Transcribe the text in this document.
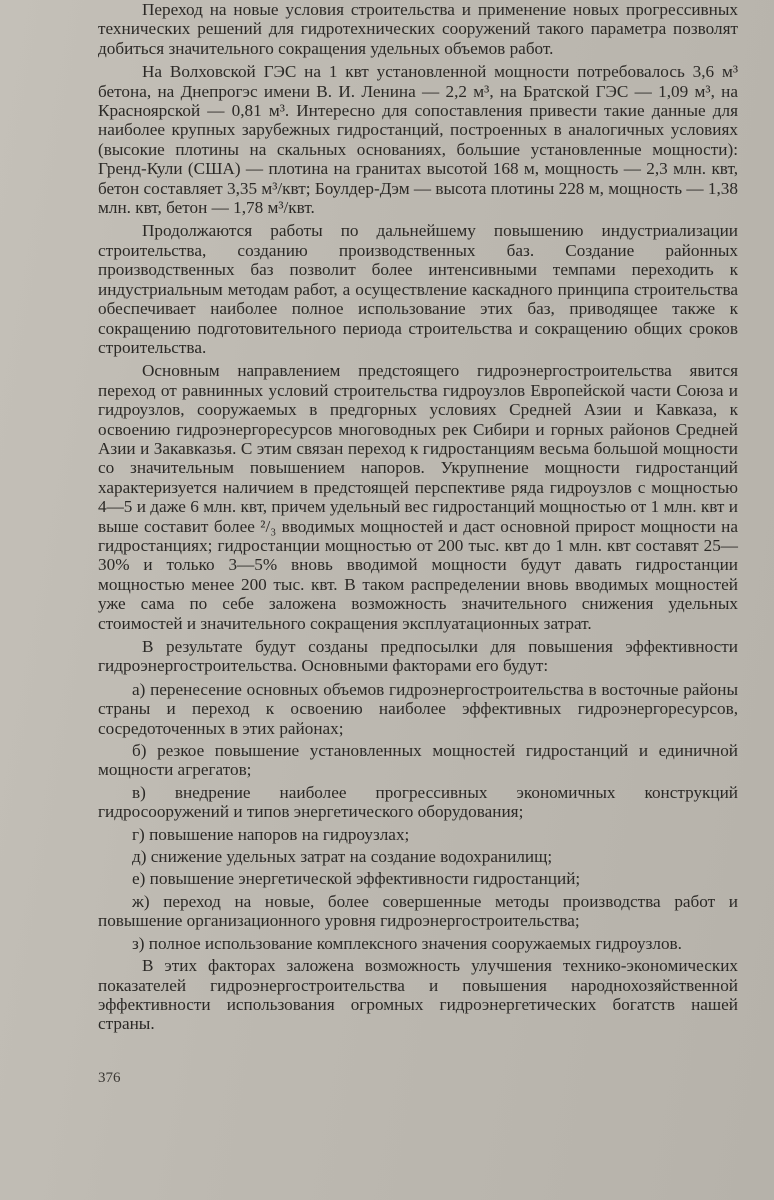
Переход на новые условия строительства и применение новых прогрессивных технических решений для гидротехнических сооружений такого параметра позволят добиться значительного сокращения удельных объемов работ.

На Волховской ГЭС на 1 квт установленной мощности потребовалось 3,6 м³ бетона, на Днепрогэс имени В. И. Ленина — 2,2 м³, на Братской ГЭС — 1,09 м³, на Красноярской — 0,81 м³. Интересно для сопоставления привести такие данные для наиболее крупных зарубежных гидростанций, построенных в аналогичных условиях (высокие плотины на скальных основаниях, большие установленные мощности): Гренд-Кули (США) — плотина на гранитах высотой 168 м, мощность — 2,3 млн. квт, бетон составляет 3,35 м³/квт; Боулдер-Дэм — высота плотины 228 м, мощность — 1,38 млн. квт, бетон — 1,78 м³/квт.

Продолжаются работы по дальнейшему повышению индустриализации строительства, созданию производственных баз. Создание районных производственных баз позволит более интенсивными темпами переходить к индустриальным методам работ, а осуществление каскадного принципа строительства обеспечивает наиболее полное использование этих баз, приводящее также к сокращению подготовительного периода строительства и сокращению общих сроков строительства.

Основным направлением предстоящего гидроэнергостроительства явится переход от равнинных условий строительства гидроузлов Европейской части Союза и гидроузлов, сооружаемых в предгорных условиях Средней Азии и Кавказа, к освоению гидроэнергоресурсов многоводных рек Сибири и горных районов Средней Азии и Закавказья. С этим связан переход к гидростанциям весьма большой мощности со значительным повышением напоров. Укрупнение мощности гидростанций характеризуется наличием в предстоящей перспективе ряда гидроузлов с мощностью 4—5 и даже 6 млн. квт, причем удельный вес гидростанций мощностью от 1 млн. квт и выше составит более ²/₃ вводимых мощностей и даст основной прирост мощности на гидростанциях; гидростанции мощностью от 200 тыс. квт до 1 млн. квт составят 25—30% и только 3—5% вновь вводимой мощности будут давать гидростанции мощностью менее 200 тыс. квт. В таком распределении вновь вводимых мощностей уже сама по себе заложена возможность значительного снижения удельных стоимостей и значительного сокращения эксплуатационных затрат.

В результате будут созданы предпосылки для повышения эффективности гидроэнергостроительства. Основными факторами его будут:

а) перенесение основных объемов гидроэнергостроительства в восточные районы страны и переход к освоению наиболее эффективных гидроэнергоресурсов, сосредоточенных в этих районах;

б) резкое повышение установленных мощностей гидростанций и единичной мощности агрегатов;

в) внедрение наиболее прогрессивных экономичных конструкций гидросооружений и типов энергетического оборудования;

г) повышение напоров на гидроузлах;

д) снижение удельных затрат на создание водохранилищ;

е) повышение энергетической эффективности гидростанций;

ж) переход на новые, более совершенные методы производства работ и повышение организационного уровня гидроэнергостроительства;

з) полное использование комплексного значения сооружаемых гидроузлов.

В этих факторах заложена возможность улучшения технико-экономических показателей гидроэнергостроительства и повышения народнохозяйственной эффективности использования огромных гидроэнергетических богатств нашей страны.

376
